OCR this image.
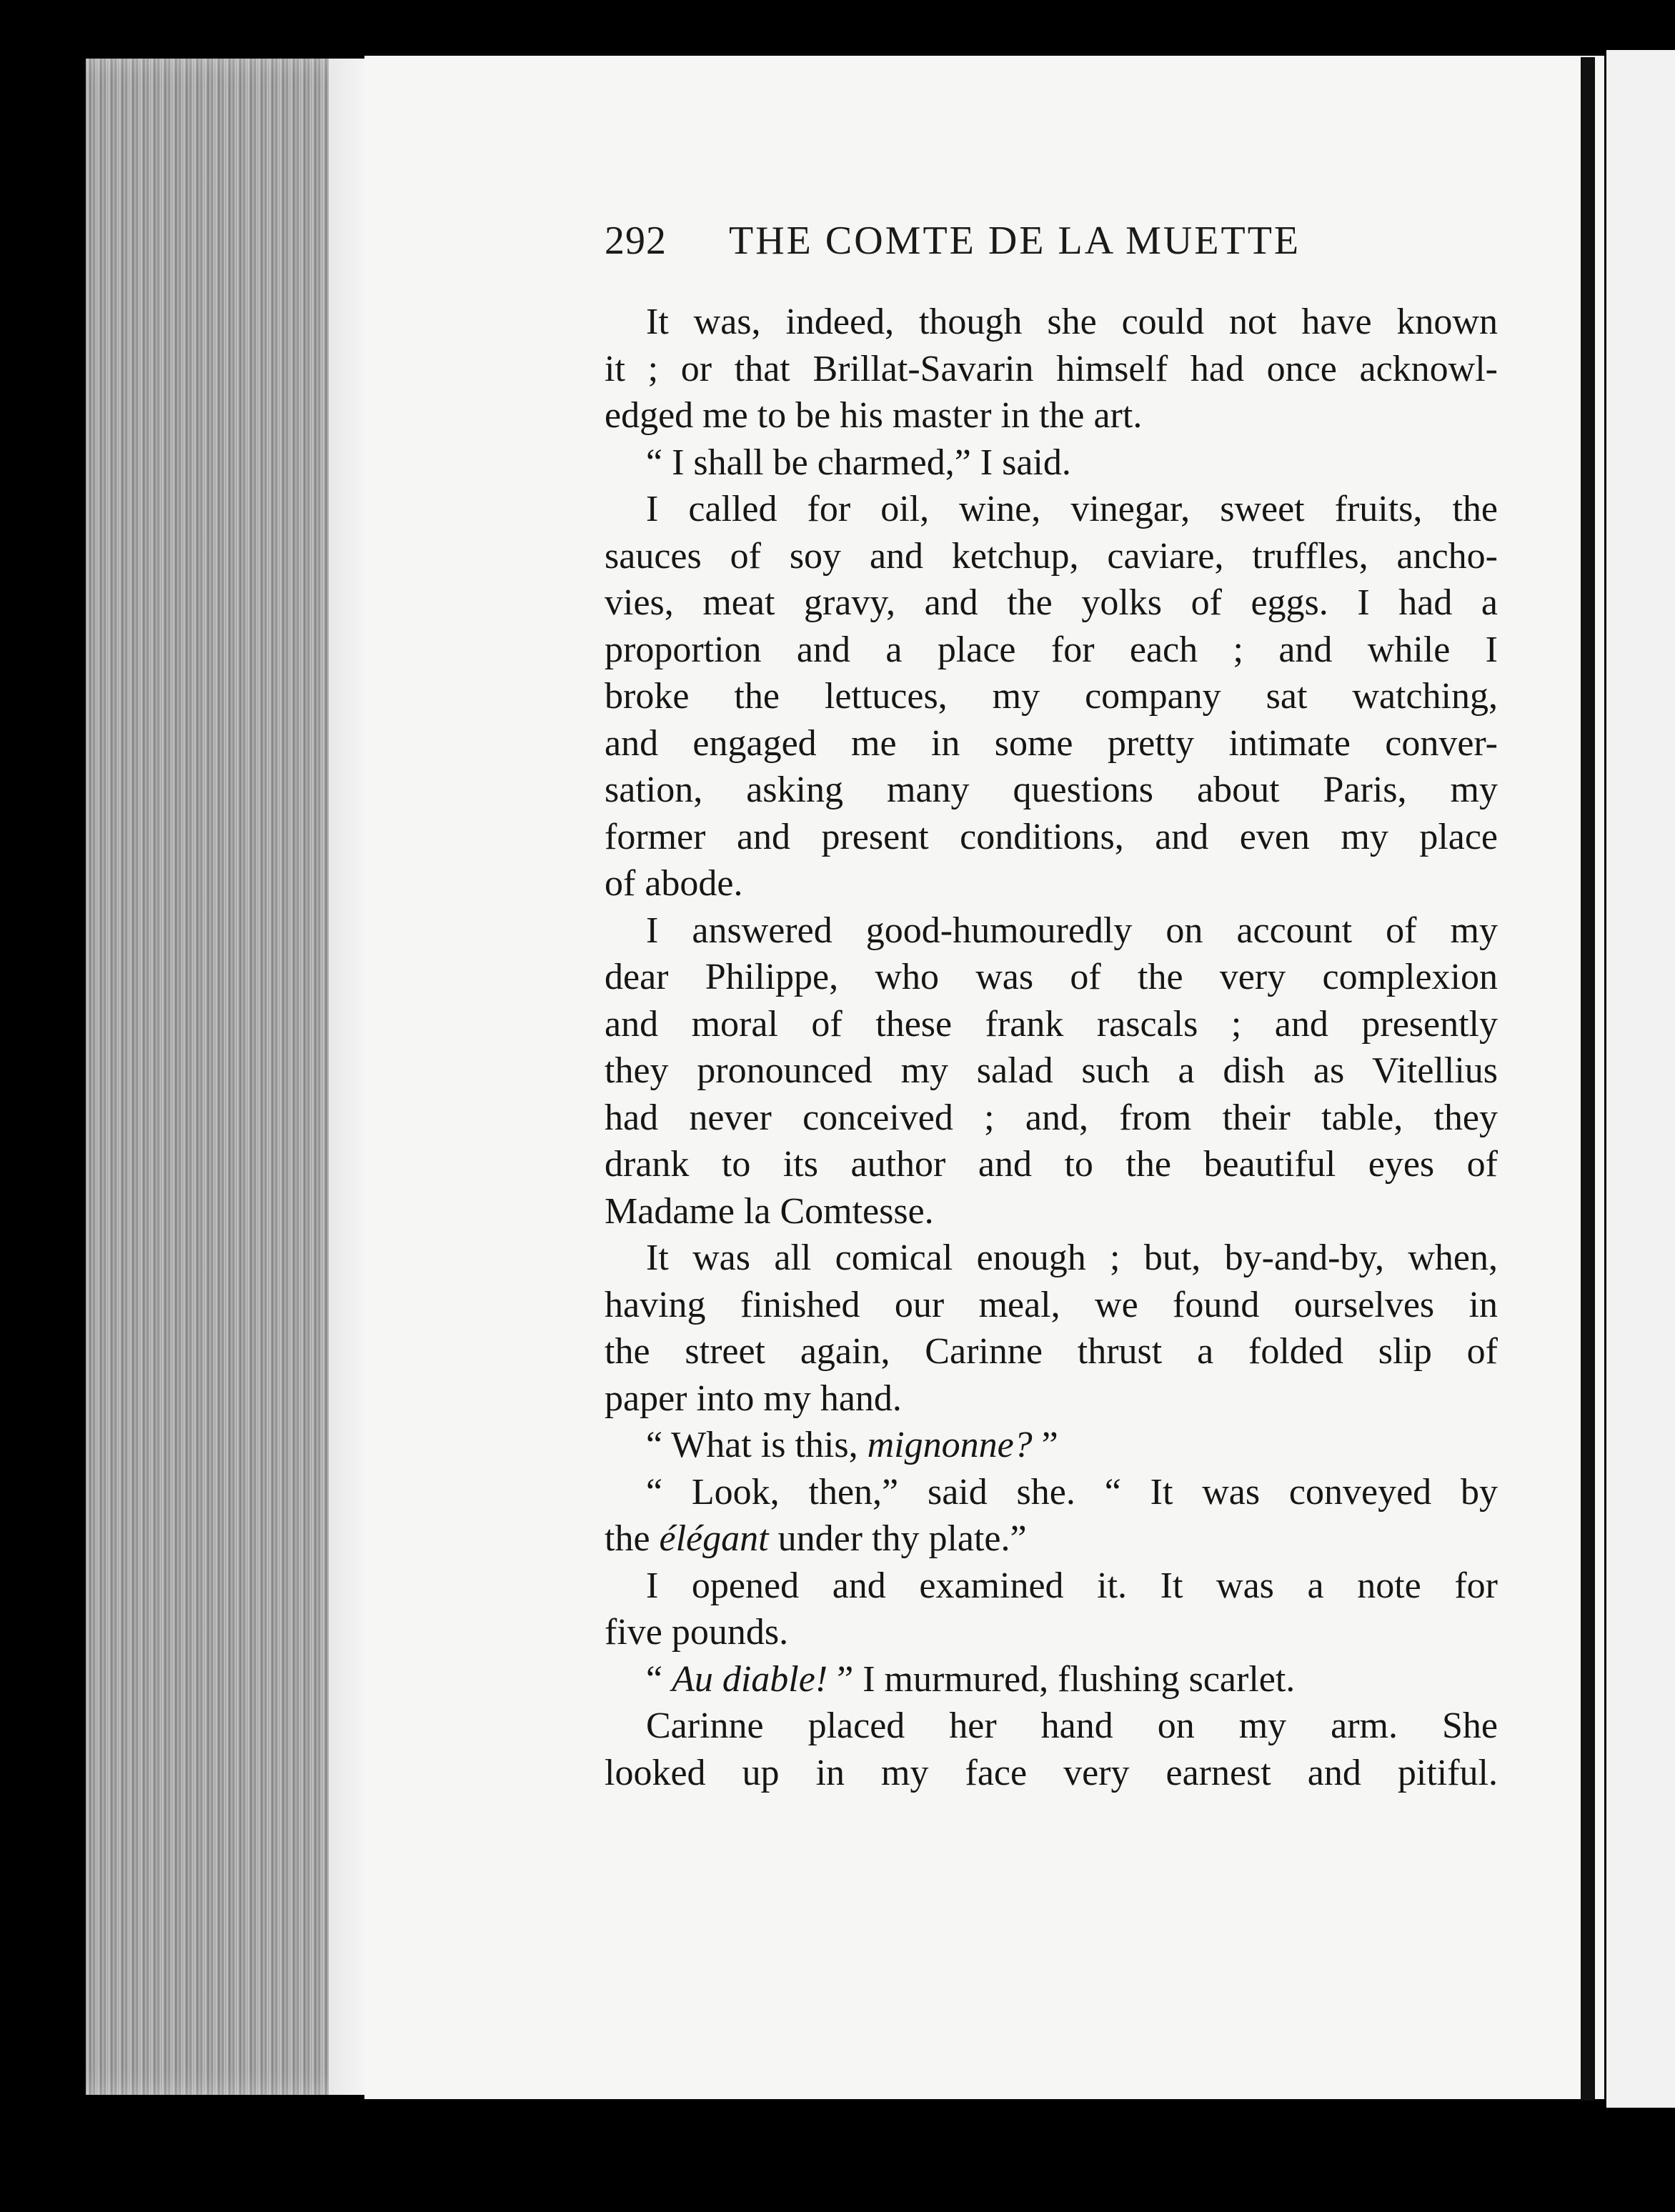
292 THE COMTE DE LA MUETTE
It was, indeed, though she could not have known
it ; or that Brillat-Savarin himself had once acknowl-
edged me to be his master in the art.
“ I shall be charmed,” I said.
I called for oil, wine, vinegar, sweet fruits, the
sauces of soy and ketchup, caviare, truffles, ancho-
vies, meat gravy, and the yolks of eggs. I had a
proportion and a place for each ; and while I
broke the lettuces, my company sat watching,
and engaged me in some pretty intimate conver-
sation, asking many questions about Paris, my
former and present conditions, and even my place
of abode.
I answered good-humouredly on account of my
dear Philippe, who was of the very complexion
and moral of these frank rascals ; and presently
they pronounced my salad such a dish as Vitellius
had never conceived ; and, from their table, they
drank to its author and to the beautiful eyes of
Madame la Comtesse.
It was all comical enough ; but, by-and-by, when,
having finished our meal, we found ourselves in
the street again, Carinne thrust a folded slip of
paper into my hand.
“ What is this, mignonne? ”
“ Look, then,” said she. “ It was conveyed by
the élégant under thy plate.”
I opened and examined it. It was a note for
five pounds.
“ Au diable! ” I murmured, flushing scarlet.
Carinne placed her hand on my arm. She
looked up in my face very earnest and pitiful.
